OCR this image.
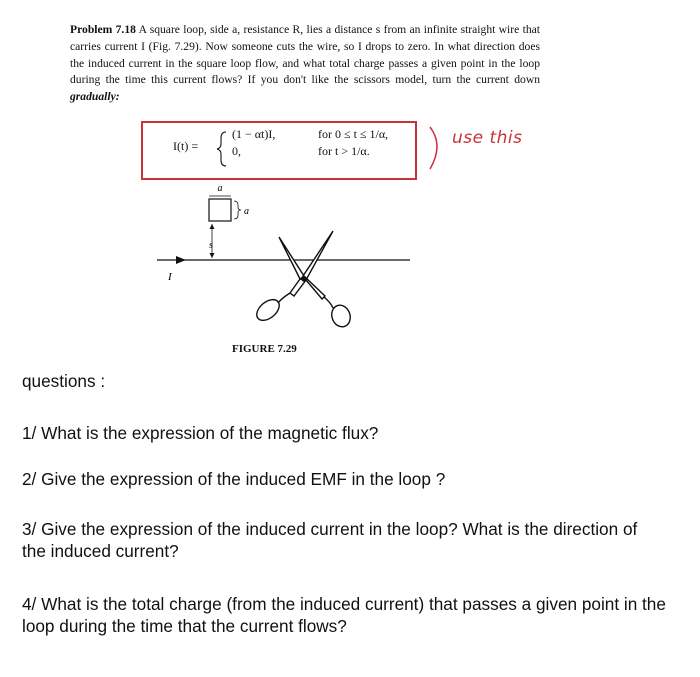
Problem 7.18 A square loop, side a, resistance R, lies a distance s from an infinite straight wire that carries current I (Fig. 7.29). Now someone cuts the wire, so I drops to zero. In what direction does the induced current in the square loop flow, and what total charge passes a given point in the loop during the time this current flows? If you don't like the scissors model, turn the current down gradually:
I(t) =
(1 − αt)I,	for 0 ≤ t ≤ 1/α,
0,	for t > 1/α.
use this
a
a
s
I
FIGURE 7.29

questions :

1/ What is the expression of the magnetic flux?

2/ Give the expression of the induced EMF in the loop ?

3/ Give the expression of the induced current in the loop? What is the direction of the induced current?

4/ What is the total charge (from the induced current) that passes a given point in the loop during the time that the current flows?
